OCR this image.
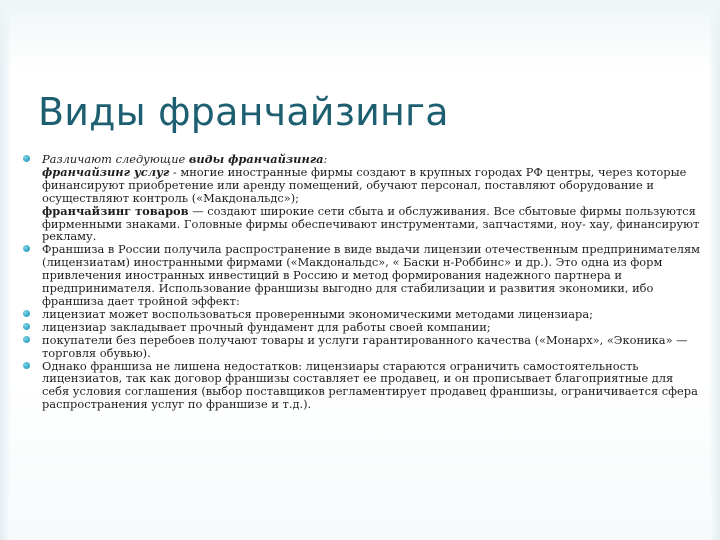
Виды франчайзинга
Различают следующие виды франчайзинга:
франчайзинг услуг - многие иностранные фирмы создают в крупных городах РФ центры, через которые финансируют приобретение или аренду помещений, обучают персонал, поставляют оборудование и осуществляют контроль («Макдональдс»);
франчайзинг товаров — создают широкие сети сбыта и обслуживания. Все сбытовые фирмы пользуются фирменными знаками. Головные фирмы обеспечивают инструментами, запчастями, ноу- хау, финансируют рекламу.
Франшиза в России получила распространение в виде выдачи лицензии отечественным предпринимателям (лицензиатам) иностранными фирмами («Макдональдс», « Баски н-Роббинс» и др.). Это одна из форм привлечения иностранных инвестиций в Россию и метод формирования надежного партнера и предпринимателя. Использование франшизы выгодно для стабилизации и развития экономики, ибо франшиза дает тройной эффект:
лицензиат может воспользоваться проверенными экономическими методами лицензиара;
лицензиар закладывает прочный фундамент для работы своей компании;
покупатели без перебоев получают товары и услуги гарантированного качества («Монарх», «Эконика» — торговля обувью).
Однако франшиза не лишена недостатков: лицензиары стараются ограничить самостоятельность лицензиатов, так как договор франшизы составляет ее продавец, и он прописывает благоприятные для себя условия соглашения (выбор поставщиков регламентирует продавец франшизы, ограничивается сфера распространения услуг по франшизе и т.д.).
